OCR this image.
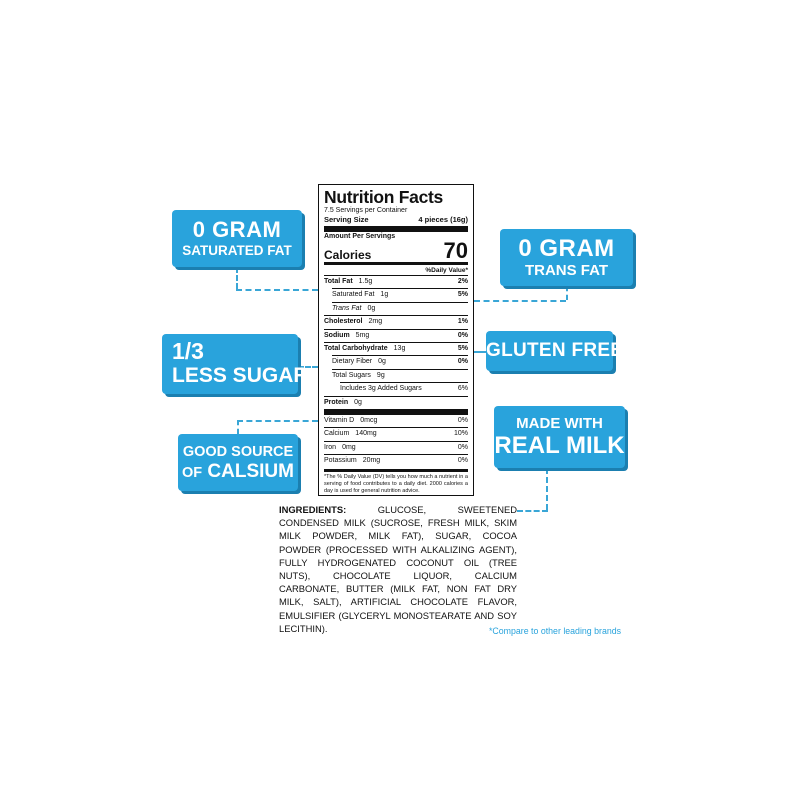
0 GRAM
SATURATED FAT	0 GRAM
TRANS FAT
1/3
LESS SUGAR*
GLUTEN FREE
GOOD SOURCE
OF CALSIUM
MADE WITH
REAL MILK
Nutrition Facts
7.5 Servings per Container
Serving Size	4 pieces (16g)
Amount Per Servings
Calories	70
%Daily Value*
Total Fat 1.5g	2%
Saturated Fat 1g	5%
Trans Fat 0g
Cholesterol 2mg	1%
Sodium 5mg	0%
Total Carbohydrate 13g	5%
Dietary Fiber 0g	0%
Total Sugars 9g
Includes 3g Added Sugars	6%
Protein 0g
Vitamin D 0mcg	0%
Calcium 140mg	10%
Iron 0mg	0%
Potassium 20mg	0%
*The % Daily Value (DV) tells you how much a nutrient in a serving of food contributes to a daily diet. 2000 calories a day is used for general nutrition advice.
INGREDIENTS:	GLUCOSE, SWEETENED CONDENSED MILK (SUCROSE, FRESH MILK, SKIM MILK POWDER, MILK FAT), SUGAR, COCOA POWDER (PROCESSED WITH ALKALIZING AGENT), FULLY HYDROGENATED COCONUT OIL (TREE NUTS), CHOCOLATE LIQUOR, CALCIUM CARBONATE, BUTTER (MILK FAT, NON FAT DRY MILK, SALT), ARTIFICIAL CHOCOLATE FLAVOR, EMULSIFIER (GLYCERYL MONOSTEARATE AND SOY LECITHIN).	*Compare to other leading brands
